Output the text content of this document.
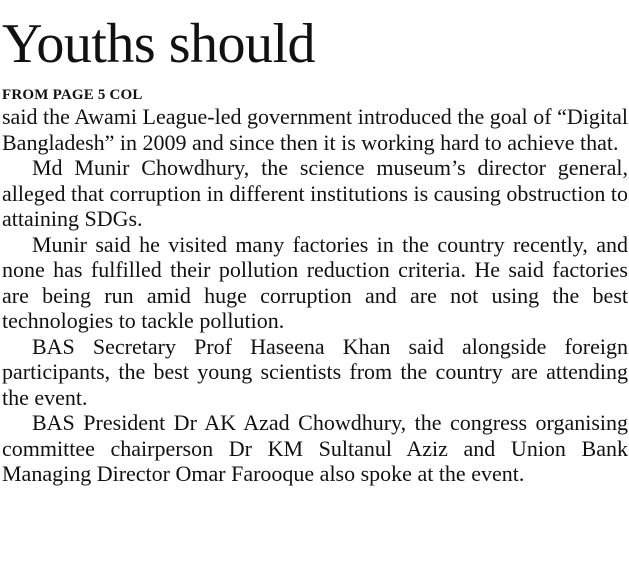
Youths should
FROM PAGE 5 COL

said the Awami League-led government introduced the goal of “Digital Bangladesh” in 2009 and since then it is working hard to achieve that.

Md Munir Chowdhury, the science museum’s director general, alleged that corruption in different institutions is causing obstruction to attaining SDGs.

Munir said he visited many factories in the country recently, and none has fulfilled their pollution reduction criteria. He said factories are being run amid huge corruption and are not using the best technologies to tackle pollution.

BAS Secretary Prof Haseena Khan said alongside foreign participants, the best young scientists from the country are attending the event.

BAS President Dr AK Azad Chowdhury, the congress organising committee chairperson Dr KM Sultanul Aziz and Union Bank Managing Director Omar Farooque also spoke at the event.
